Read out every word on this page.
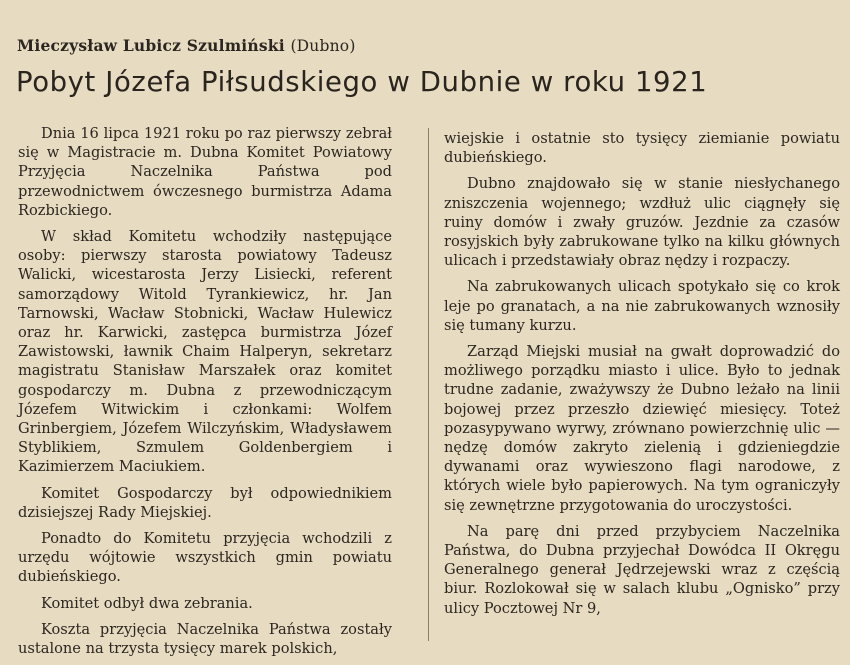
Mieczysław Lubicz Szulmiński (Dubno)
Pobyt Józefa Piłsudskiego w Dubnie w roku 1921

Dnia 16 lipca 1921 roku po raz pierwszy zebrał się w Magistracie m. Dubna Komitet Powiatowy Przyjęcia Naczelnika Państwa pod przewodnictwem ówczesnego burmistrza Adama Rozbickiego.

W skład Komitetu wchodziły następujące osoby: pierwszy starosta powiatowy Tadeusz Walicki, wicestarosta Jerzy Lisiecki, referent samorządowy Witold Tyrankiewicz, hr. Jan Tarnowski, Wacław Stobnicki, Wacław Hulewicz oraz hr. Karwicki, zastępca burmistrza Józef Zawistowski, ławnik Chaim Halperyn, sekretarz magistratu Stanisław Marszałek oraz komitet gospodarczy m. Dubna z przewodniczącym Józefem Witwickim i członkami: Wolfem Grinbergiem, Józefem Wilczyńskim, Władysławem Styblikiem, Szmulem Goldenbergiem i Kazimierzem Maciukiem.

Komitet Gospodarczy był odpowiednikiem dzisiejszej Rady Miejskiej.

Ponadto do Komitetu przyjęcia wchodzili z urzędu wójtowie wszystkich gmin powiatu dubieńskiego.

Komitet odbył dwa zebrania.

Koszta przyjęcia Naczelnika Państwa zostały ustalone na trzysta tysięcy marek polskich,

wiejskie i ostatnie sto tysięcy ziemianie powiatu dubieńskiego.

Dubno znajdowało się w stanie niesłychanego zniszczenia wojennego; wzdłuż ulic ciągnęły się ruiny domów i zwały gruzów. Jezdnie za czasów rosyjskich były zabrukowane tylko na kilku głównych ulicach i przedstawiały obraz nędzy i rozpaczy.

Na zabrukowanych ulicach spotykało się co krok leje po granatach, a na nie zabrukowanych wznosiły się tumany kurzu.

Zarząd Miejski musiał na gwałt doprowadzić do możliwego porządku miasto i ulice. Było to jednak trudne zadanie, zważywszy że Dubno leżało na linii bojowej przez przeszło dziewięć miesięcy. Toteż pozasypywano wyrwy, zrównano powierzchnię ulic — nędzę domów zakryto zielenią i gdzieniegdzie dywanami oraz wywieszono flagi narodowe, z których wiele było papierowych. Na tym ograniczyły się zewnętrzne przygotowania do uroczystości.

Na parę dni przed przybyciem Naczelnika Państwa, do Dubna przyjechał Dowódca II Okręgu Generalnego generał Jędrzejewski wraz z częścią biur. Rozlokował się w salach klubu „Ognisko” przy ulicy Pocztowej Nr 9,
